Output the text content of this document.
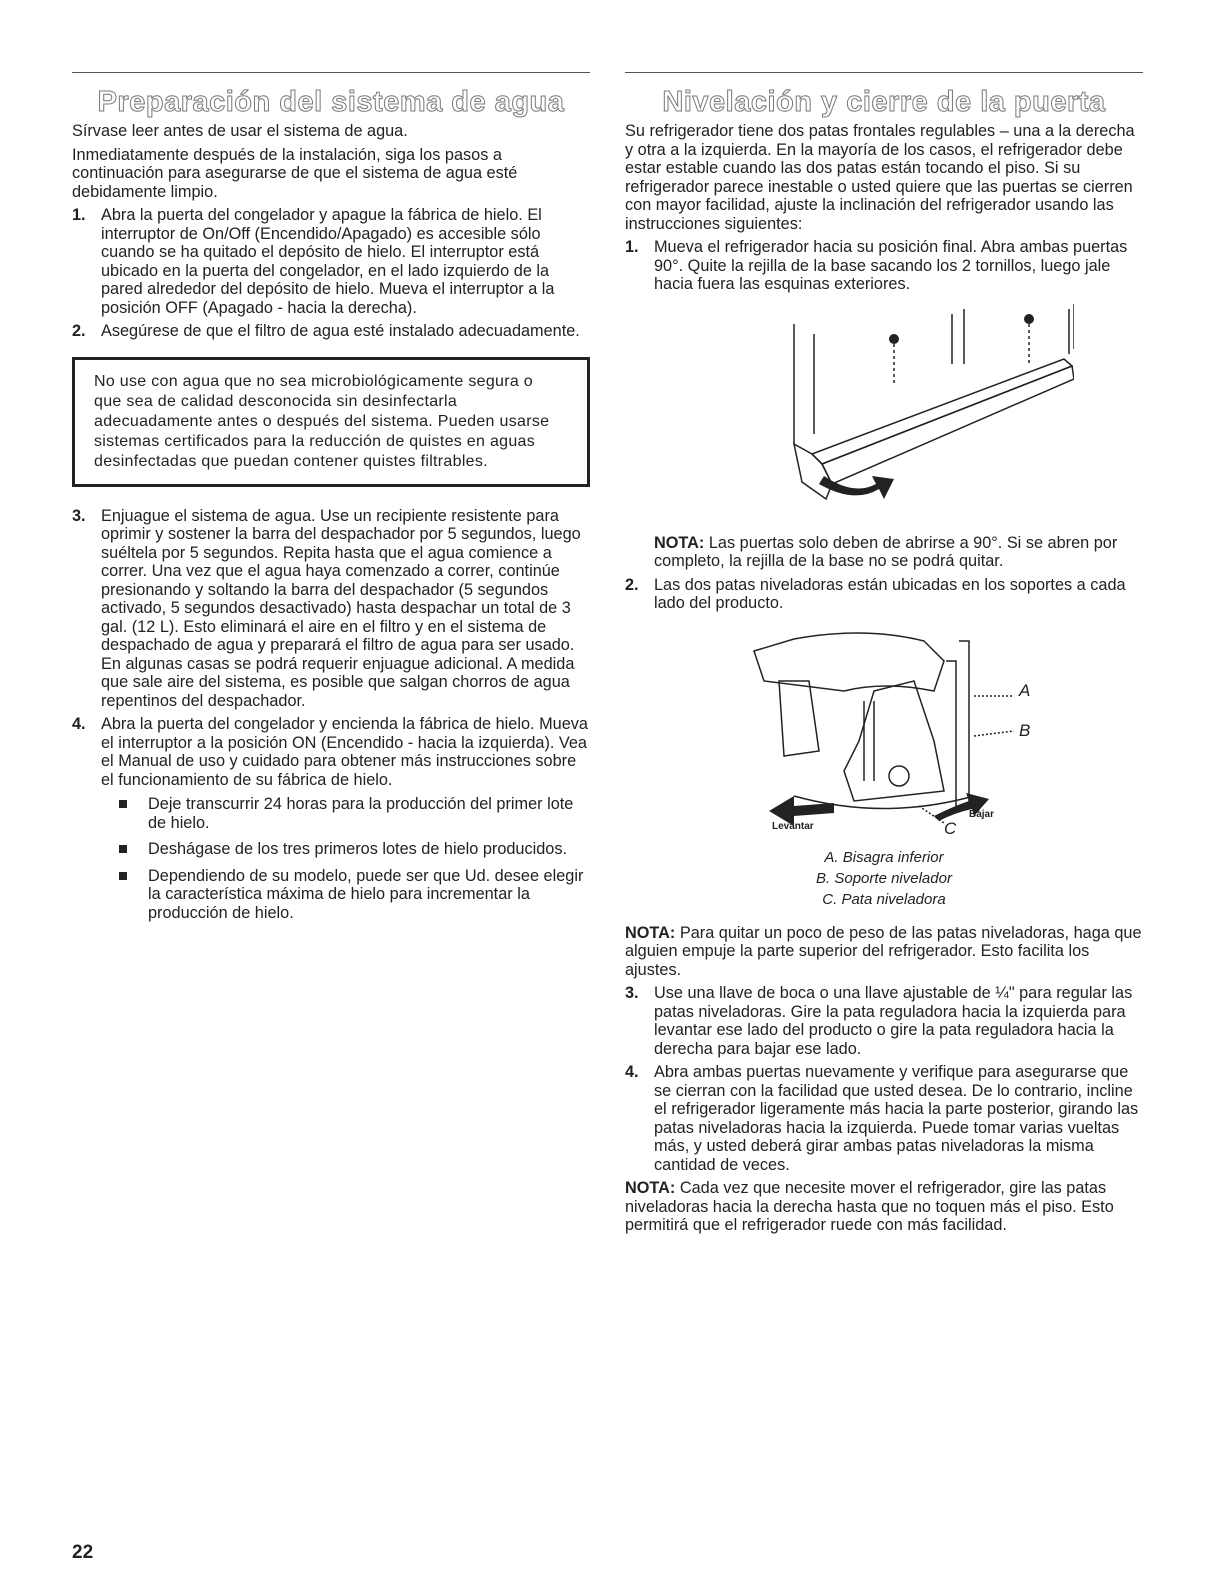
Preparación del sistema de agua

Sírvase leer antes de usar el sistema de agua.

Inmediatamente después de la instalación, siga los pasos a continuación para asegurarse de que el sistema de agua esté debidamente limpio.

1. Abra la puerta del congelador y apague la fábrica de hielo. El interruptor de On/Off (Encendido/Apagado) es accesible sólo cuando se ha quitado el depósito de hielo. El interruptor está ubicado en la puerta del congelador, en el lado izquierdo de la pared alrededor del depósito de hielo. Mueva el interruptor a la posición OFF (Apagado - hacia la derecha).
2. Asegúrese de que el filtro de agua esté instalado adecuadamente.

No use con agua que no sea microbiológicamente segura o que sea de calidad desconocida sin desinfectarla adecuadamente antes o después del sistema. Pueden usarse sistemas certificados para la reducción de quistes en aguas desinfectadas que puedan contener quistes filtrables.

3. Enjuague el sistema de agua. Use un recipiente resistente para oprimir y sostener la barra del despachador por 5 segundos, luego suéltela por 5 segundos. Repita hasta que el agua comience a correr. Una vez que el agua haya comenzado a correr, continúe presionando y soltando la barra del despachador (5 segundos activado, 5 segundos desactivado) hasta despachar un total de 3 gal. (12 L). Esto eliminará el aire en el filtro y en el sistema de despachado de agua y preparará el filtro de agua para ser usado. En algunas casas se podrá requerir enjuague adicional. A medida que sale aire del sistema, es posible que salgan chorros de agua repentinos del despachador.
4. Abra la puerta del congelador y encienda la fábrica de hielo. Mueva el interruptor a la posición ON (Encendido - hacia la izquierda). Vea el Manual de uso y cuidado para obtener más instrucciones sobre el funcionamiento de su fábrica de hielo.
Deje transcurrir 24 horas para la producción del primer lote de hielo.
Deshágase de los tres primeros lotes de hielo producidos.
Dependiendo de su modelo, puede ser que Ud. desee elegir la característica máxima de hielo para incrementar la producción de hielo.
Nivelación y cierre de la puerta

Su refrigerador tiene dos patas frontales regulables – una a la derecha y otra a la izquierda. En la mayoría de los casos, el refrigerador debe estar estable cuando las dos patas están tocando el piso. Si su refrigerador parece inestable o usted quiere que las puertas se cierren con mayor facilidad, ajuste la inclinación del refrigerador usando las instrucciones siguientes:

1. Mueva el refrigerador hacia su posición final. Abra ambas puertas 90°. Quite la rejilla de la base sacando los 2 tornillos, luego jale hacia fuera las esquinas exteriores.

NOTA: Las puertas solo deben de abrirse a 90°. Si se abren por completo, la rejilla de la base no se podrá quitar.

2. Las dos patas niveladoras están ubicadas en los soportes a cada lado del producto.
A
B
C
Levantar
Bajar
A. Bisagra inferior
B. Soporte nivelador
C. Pata niveladora

NOTA: Para quitar un poco de peso de las patas niveladoras, haga que alguien empuje la parte superior del refrigerador. Esto facilita los ajustes.

3. Use una llave de boca o una llave ajustable de ¼" para regular las patas niveladoras. Gire la pata reguladora hacia la izquierda para levantar ese lado del producto o gire la pata reguladora hacia la derecha para bajar ese lado.
4. Abra ambas puertas nuevamente y verifique para asegurarse que se cierran con la facilidad que usted desea. De lo contrario, incline el refrigerador ligeramente más hacia la parte posterior, girando las patas niveladoras hacia la izquierda. Puede tomar varias vueltas más, y usted deberá girar ambas patas niveladoras la misma cantidad de veces.

NOTA: Cada vez que necesite mover el refrigerador, gire las patas niveladoras hacia la derecha hasta que no toquen más el piso. Esto permitirá que el refrigerador ruede con más facilidad.

22
